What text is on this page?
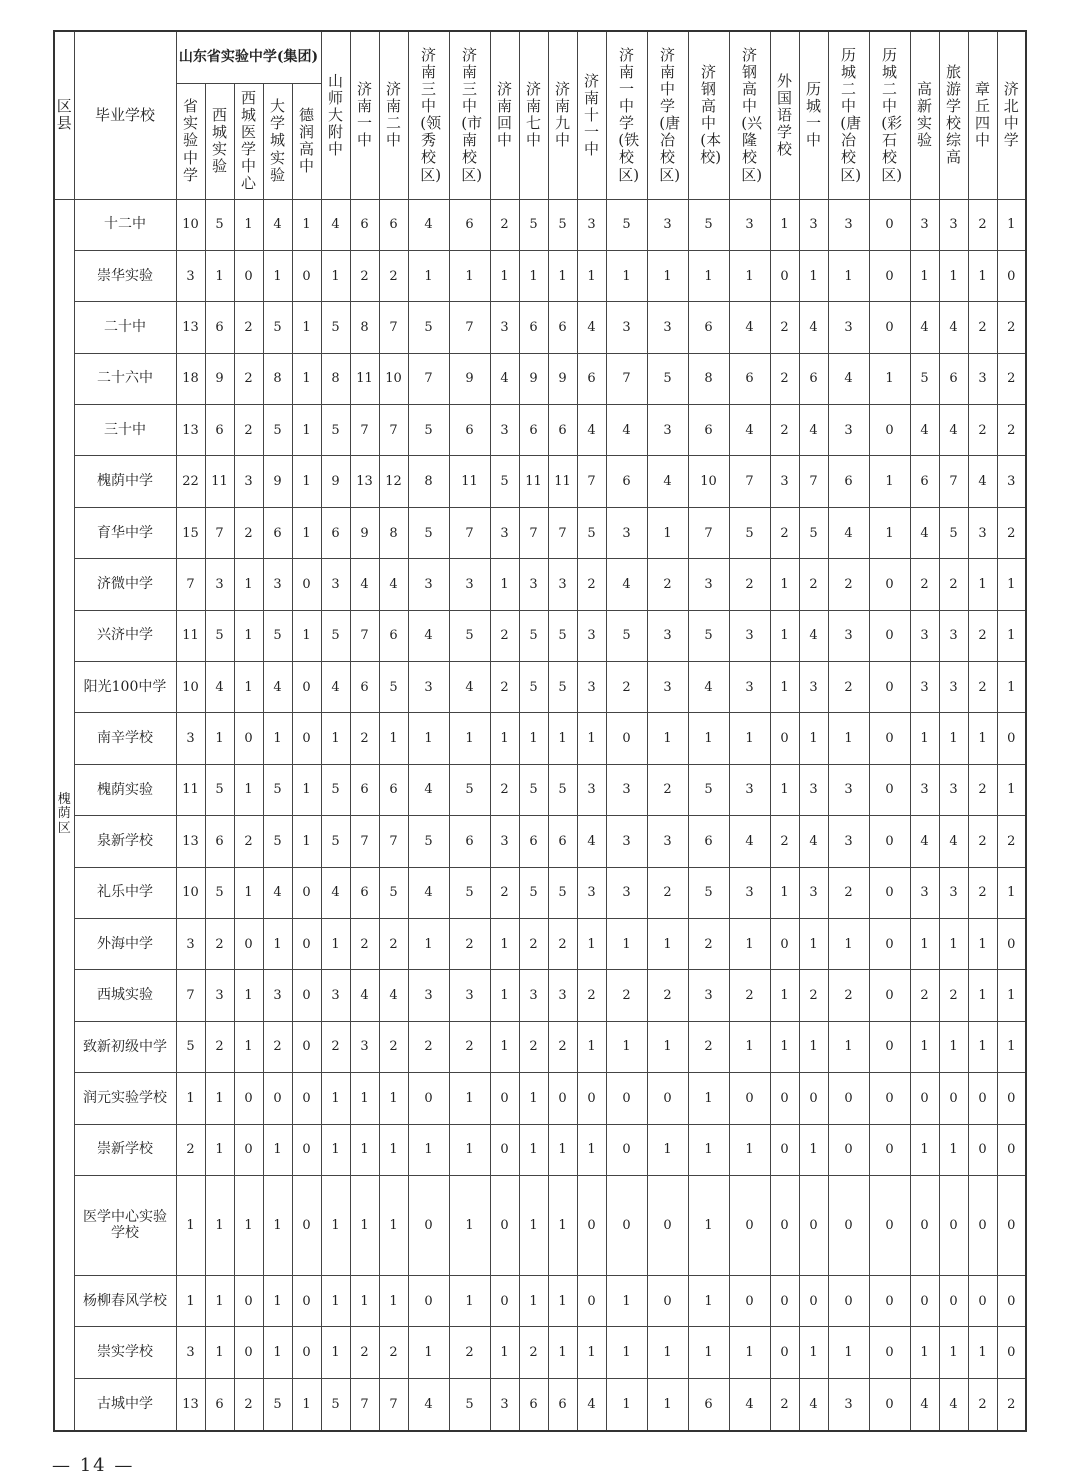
区县	毕业学校	山东省实验中学(集团)					山师大附中	济南一中	济南二中	济南三中(领秀校区)	济南三中(市南校区)	济南回中	济南七中	济南九中	济南十一中	济南一中学(铁校区)	济南中学(唐冶校区)	济钢高中(本校)	济钢高中(兴隆校区)	外国语学校	历城一中	历城二中(唐冶校区)	历城二中(彩石校区)	高新实验	旅游学校综高	章丘四中	济北中学
		省实验中学	西城实验	西城医学中心	大学城实验	德润高中																					
槐荫区	十二中	10	5	1	4	1	4	6	6	4	6	2	5	5	3	5	3	5	3	1	3	3	0	3	3	2	1
	崇华实验	3	1	0	1	0	1	2	2	1	1	1	1	1	1	1	1	1	1	0	1	1	0	1	1	1	0
	二十中	13	6	2	5	1	5	8	7	5	7	3	6	6	4	3	3	6	4	2	4	3	0	4	4	2	2
	二十六中	18	9	2	8	1	8	11	10	7	9	4	9	9	6	7	5	8	6	2	6	4	1	5	6	3	2
	三十中	13	6	2	5	1	5	7	7	5	6	3	6	6	4	4	3	6	4	2	4	3	0	4	4	2	2
	槐荫中学	22	11	3	9	1	9	13	12	8	11	5	11	11	7	6	4	10	7	3	7	6	1	6	7	4	3
	育华中学	15	7	2	6	1	6	9	8	5	7	3	7	7	5	3	1	7	5	2	5	4	1	4	5	3	2
	济微中学	7	3	1	3	0	3	4	4	3	3	1	3	3	2	4	2	3	2	1	2	2	0	2	2	1	1
	兴济中学	11	5	1	5	1	5	7	6	4	5	2	5	5	3	5	3	5	3	1	4	3	0	3	3	2	1
	阳光100中学	10	4	1	4	0	4	6	5	3	4	2	5	5	3	2	3	4	3	1	3	2	0	3	3	2	1
	南辛学校	3	1	0	1	0	1	2	1	1	1	1	1	1	1	0	1	1	1	0	1	1	0	1	1	1	0
	槐荫实验	11	5	1	5	1	5	6	6	4	5	2	5	5	3	3	2	5	3	1	3	3	0	3	3	2	1
	泉新学校	13	6	2	5	1	5	7	7	5	6	3	6	6	4	3	3	6	4	2	4	3	0	4	4	2	2
	礼乐中学	10	5	1	4	0	4	6	5	4	5	2	5	5	3	3	2	5	3	1	3	2	0	3	3	2	1
	外海中学	3	2	0	1	0	1	2	2	1	2	1	2	2	1	1	1	2	1	0	1	1	0	1	1	1	0
	西城实验	7	3	1	3	0	3	4	4	3	3	1	3	3	2	2	2	3	2	1	2	2	0	2	2	1	1
	致新初级中学	5	2	1	2	0	2	3	2	2	2	1	2	2	1	1	1	2	1	1	1	1	0	1	1	1	1
	润元实验学校	1	1	0	0	0	1	1	1	0	1	0	1	0	0	0	0	1	0	0	0	0	0	0	0	0	0
	崇新学校	2	1	0	1	0	1	1	1	1	1	0	1	1	1	0	1	1	1	0	1	0	0	1	1	0	0
	医学中心实验学校	1	1	1	1	0	1	1	1	0	1	0	1	1	0	0	0	1	0	0	0	0	0	0	0	0	0
	杨柳春风学校	1	1	0	1	0	1	1	1	0	1	0	1	1	0	1	0	1	0	0	0	0	0	0	0	0	0
	崇实学校	3	1	0	1	0	1	2	2	1	2	1	2	1	1	1	1	1	1	0	1	1	0	1	1	1	0
	古城中学	13	6	2	5	1	5	7	7	4	5	3	6	6	4	1	1	6	4	2	4	3	0	4	4	2	2
— 14 —
